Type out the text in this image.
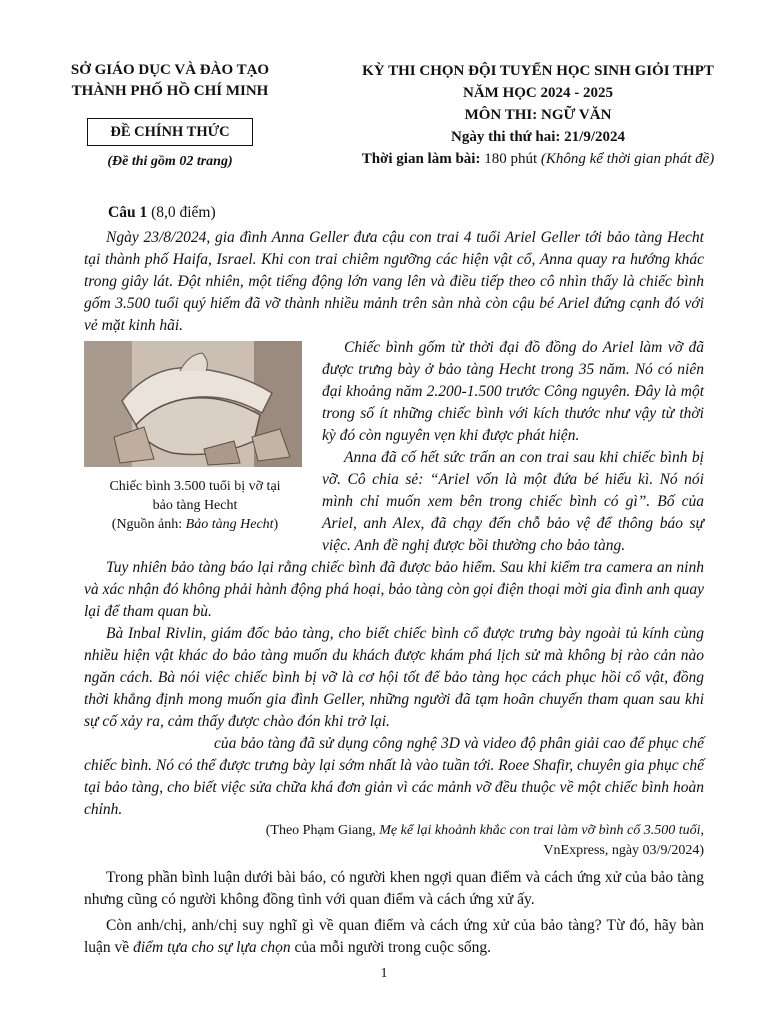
SỞ GIÁO DỤC VÀ ĐÀO TẠO
THÀNH PHỐ HỒ CHÍ MINH
ĐỀ CHÍNH THỨC
(Đề thi gồm 02 trang)
KỲ THI CHỌN ĐỘI TUYỂN HỌC SINH GIỎI THPT
NĂM HỌC 2024 - 2025
MÔN THI: NGỮ VĂN
Ngày thi thứ hai: 21/9/2024
Thời gian làm bài: 180 phút (Không kể thời gian phát đề)
Câu 1 (8,0 điểm)

Ngày 23/8/2024, gia đình Anna Geller đưa cậu con trai 4 tuổi Ariel Geller tới bảo tàng Hecht tại thành phố Haifa, Israel. Khi con trai chiêm ngưỡng các hiện vật cổ, Anna quay ra hướng khác trong giây lát. Đột nhiên, một tiếng động lớn vang lên và điều tiếp theo cô nhìn thấy là chiếc bình gốm 3.500 tuổi quý hiếm đã vỡ thành nhiều mảnh trên sàn nhà còn cậu bé Ariel đứng cạnh đó với vẻ mặt kinh hãi.

Chiếc bình 3.500 tuổi bị vỡ tại
bảo tàng Hecht
(Nguồn ảnh: Bảo tàng Hecht)

Chiếc bình gốm từ thời đại đồ đồng do Ariel làm vỡ đã được trưng bày ở bảo tàng Hecht trong 35 năm. Nó có niên đại khoảng năm 2.200-1.500 trước Công nguyên. Đây là một trong số ít những chiếc bình với kích thước như vậy từ thời kỳ đó còn nguyên vẹn khi được phát hiện.

Anna đã cố hết sức trấn an con trai sau khi chiếc bình bị vỡ. Cô chia sẻ: “Ariel vốn là một đứa bé hiếu kì. Nó nói mình chỉ muốn xem bên trong chiếc bình có gì”. Bố của Ariel, anh Alex, đã chạy đến chỗ bảo vệ để thông báo sự việc. Anh đề nghị được bồi thường cho bảo tàng.

Tuy nhiên bảo tàng báo lại rằng chiếc bình đã được bảo hiểm. Sau khi kiểm tra camera an ninh và xác nhận đó không phải hành động phá hoại, bảo tàng còn gọi điện thoại mời gia đình anh quay lại để tham quan bù.

Bà Inbal Rivlin, giám đốc bảo tàng, cho biết chiếc bình cổ được trưng bày ngoài tủ kính cùng nhiều hiện vật khác do bảo tàng muốn du khách được khám phá lịch sử mà không bị rào cản nào ngăn cách. Bà nói việc chiếc bình bị vỡ là cơ hội tốt để bảo tàng học cách phục hồi cổ vật, đồng thời khẳng định mong muốn gia đình Geller, những người đã tạm hoãn chuyến tham quan sau khi sự cố xảy ra, cảm thấy được chào đón khi trở lại.

của bảo tàng đã sử dụng công nghệ 3D và video độ phân giải cao để phục chế chiếc bình. Nó có thể được trưng bày lại sớm nhất là vào tuần tới. Roee Shafir, chuyên gia phục chế tại bảo tàng, cho biết việc sửa chữa khá đơn giản vì các mảnh vỡ đều thuộc về một chiếc bình hoàn chỉnh.

(Theo Phạm Giang, Mẹ kể lại khoảnh khắc con trai làm vỡ bình cổ 3.500 tuổi,

VnExpress, ngày 03/9/2024)

Trong phần bình luận dưới bài báo, có người khen ngợi quan điểm và cách ứng xử của bảo tàng nhưng cũng có người không đồng tình với quan điểm và cách ứng xử ấy.

Còn anh/chị, anh/chị suy nghĩ gì về quan điểm và cách ứng xử của bảo tàng? Từ đó, hãy bàn luận về điểm tựa cho sự lựa chọn của mỗi người trong cuộc sống.

1
